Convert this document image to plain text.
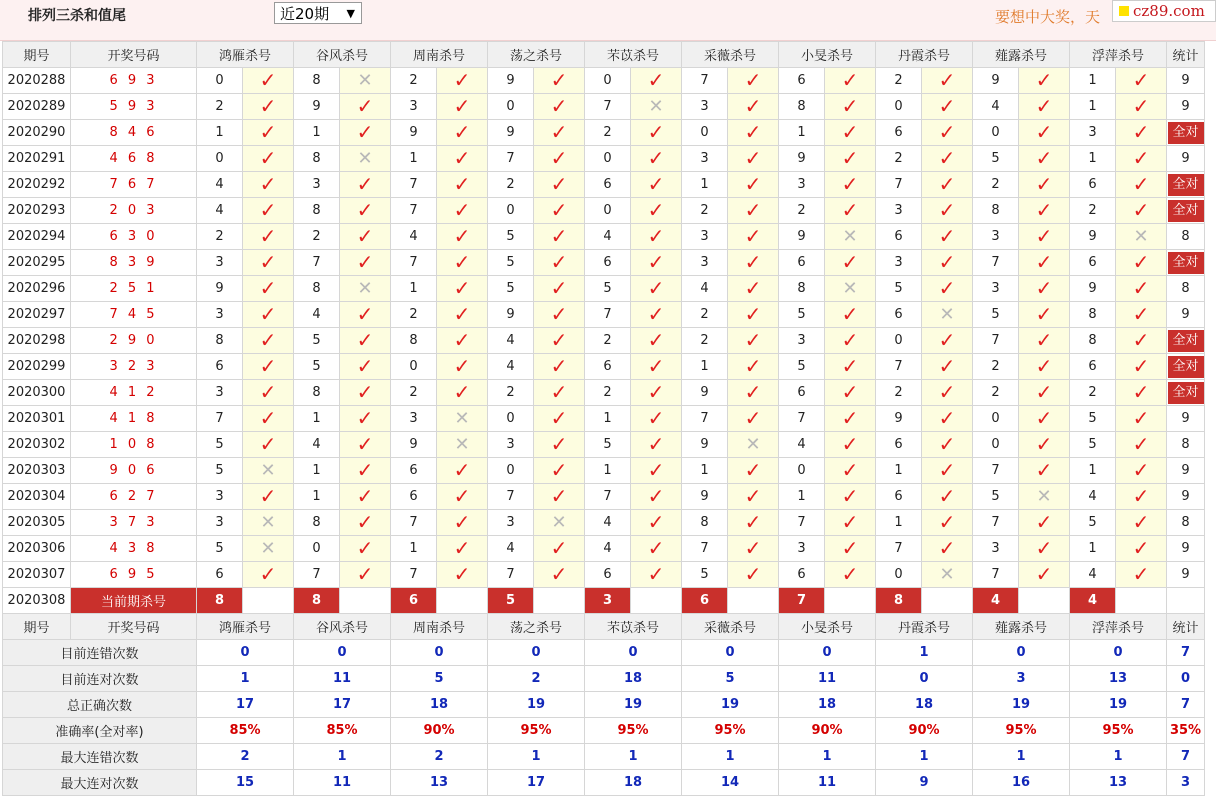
排列三杀和值尾	近20期 ▼	要想中大奖，天 cz89.com
期号	开奖号码	鸿雁杀号		谷风杀号		周南杀号		荡之杀号		芣苡杀号		采薇杀号		小旻杀号		丹霞杀号		薤露杀号		浮萍杀号		统计
2020288	6 9 3	0	✓	8	✕	2	✓	9	✓	0	✓	7	✓	6	✓	2	✓	9	✓	1	✓	9
2020289	5 9 3	2	✓	9	✓	3	✓	0	✓	7	✕	3	✓	8	✓	0	✓	4	✓	1	✓	9
2020290	8 4 6	1	✓	1	✓	9	✓	9	✓	2	✓	0	✓	1	✓	6	✓	0	✓	3	✓	全对
2020291	4 6 8	0	✓	8	✕	1	✓	7	✓	0	✓	3	✓	9	✓	2	✓	5	✓	1	✓	9
2020292	7 6 7	4	✓	3	✓	7	✓	2	✓	6	✓	1	✓	3	✓	7	✓	2	✓	6	✓	全对
2020293	2 0 3	4	✓	8	✓	7	✓	0	✓	0	✓	2	✓	2	✓	3	✓	8	✓	2	✓	全对
2020294	6 3 0	2	✓	2	✓	4	✓	5	✓	4	✓	3	✓	9	✕	6	✓	3	✓	9	✕	8
2020295	8 3 9	3	✓	7	✓	7	✓	5	✓	6	✓	3	✓	6	✓	3	✓	7	✓	6	✓	全对
2020296	2 5 1	9	✓	8	✕	1	✓	5	✓	5	✓	4	✓	8	✕	5	✓	3	✓	9	✓	8
2020297	7 4 5	3	✓	4	✓	2	✓	9	✓	7	✓	2	✓	5	✓	6	✕	5	✓	8	✓	9
2020298	2 9 0	8	✓	5	✓	8	✓	4	✓	2	✓	2	✓	3	✓	0	✓	7	✓	8	✓	全对
2020299	3 2 3	6	✓	5	✓	0	✓	4	✓	6	✓	1	✓	5	✓	7	✓	2	✓	6	✓	全对
2020300	4 1 2	3	✓	8	✓	2	✓	2	✓	2	✓	9	✓	6	✓	2	✓	2	✓	2	✓	全对
2020301	4 1 8	7	✓	1	✓	3	✕	0	✓	1	✓	7	✓	7	✓	9	✓	0	✓	5	✓	9
2020302	1 0 8	5	✓	4	✓	9	✕	3	✓	5	✓	9	✕	4	✓	6	✓	0	✓	5	✓	8
2020303	9 0 6	5	✕	1	✓	6	✓	0	✓	1	✓	1	✓	0	✓	1	✓	7	✓	1	✓	9
2020304	6 2 7	3	✓	1	✓	6	✓	7	✓	7	✓	9	✓	1	✓	6	✓	5	✕	4	✓	9
2020305	3 7 3	3	✕	8	✓	7	✓	3	✕	4	✓	8	✓	7	✓	1	✓	7	✓	5	✓	8
2020306	4 3 8	5	✕	0	✓	1	✓	4	✓	4	✓	7	✓	3	✓	7	✓	3	✓	1	✓	9
2020307	6 9 5	6	✓	7	✓	7	✓	7	✓	6	✓	5	✓	6	✓	0	✕	7	✓	4	✓	9
2020308	当前期杀号	8		8		6		5		3		6		7		8		4		4		
期号	开奖号码	鸿雁杀号		谷风杀号		周南杀号		荡之杀号		芣苡杀号		采薇杀号		小旻杀号		丹霞杀号		薤露杀号		浮萍杀号		统计
目前连错次数		0		0		0		0		0		0		0		1		0		0		7
目前连对次数		1		11		5		2		18		5		11		0		3		13		0
总正确次数		17		17		18		19		19		19		18		18		19		19		7
准确率(全对率)		85%		85%		90%		95%		95%		95%		90%		90%		95%		95%		35%
最大连错次数		2		1		2		1		1		1		1		1		1		1		7
最大连对次数		15		11		13		17		18		14		11		9		16		13		3
